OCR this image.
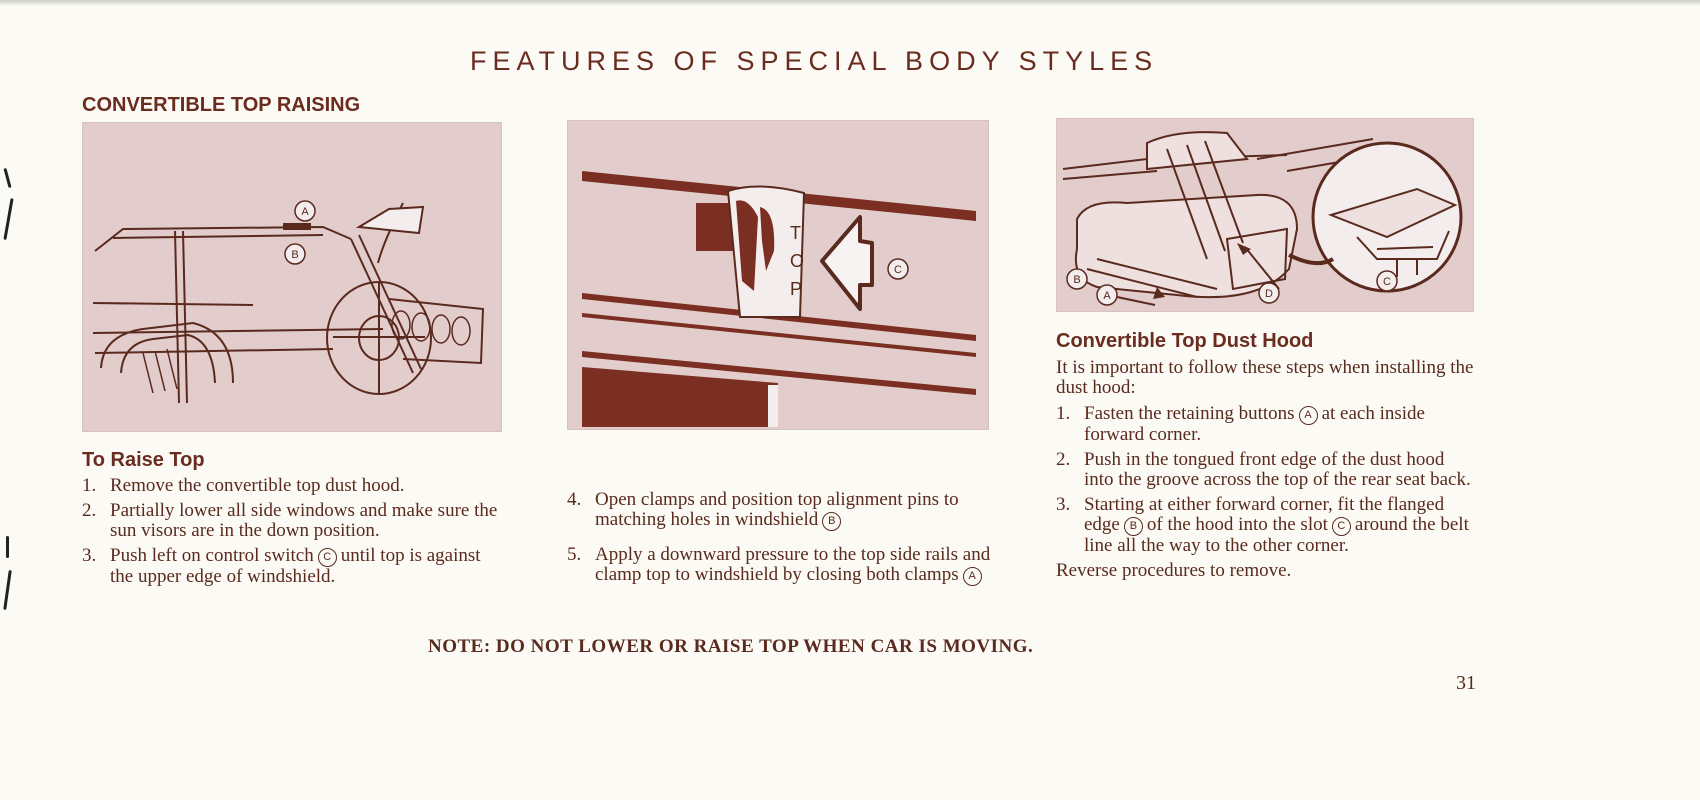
FEATURES OF SPECIAL BODY STYLES
CONVERTIBLE TOP RAISING
A
B
To Raise Top
1. Remove the convertible top dust hood.
2. Partially lower all side windows and make sure the sun visors are in the down position.
3. Push left on control switch C until top is against the upper edge of windshield.
T
O
P
C
4. Open clamps and position top alignment pins to matching holes in windshield B
5. Apply a downward pressure to the top side rails and clamp top to windshield by closing both clamps A
B
A	D
C
Convertible Top Dust Hood
It is important to follow these steps when installing the dust hood:
1. Fasten the retaining buttons A at each inside forward corner.
2. Push in the tongued front edge of the dust hood into the groove across the top of the rear seat back.
3. Starting at either forward corner, fit the flanged edge B of the hood into the slot C around the belt line all the way to the other corner.
Reverse procedures to remove.
NOTE: DO NOT LOWER OR RAISE TOP WHEN CAR IS MOVING.
31
